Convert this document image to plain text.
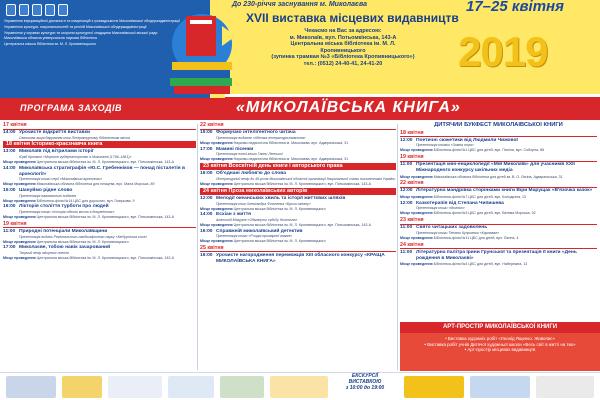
Управління інформаційної діяльності та комунікацій з громадськістю Миколаївської облдержадміністрації
Управління культури, національностей та релігій Миколаївської облдержадміністрації
Управління у справах культури та охорони культурної спадщини Миколаївської міської ради
Миколаївська обласна універсальна наукова бібліотека
Центральна міська бібліотека ім. М. Л. Кропивницького
До 230-річчя заснування м. Миколаєва	17–25 квітня
XVII виставка місцевих видавництв
Чекаємо на Вас за адресою:
м. Миколаїв, вул. Потьомкінська, 143-А
Центральна міська бібліотека ім. М. Л. Кропивницького
(зупинка трамвая №3 «Бібліотека Кропивницького»)
тел.: (0512) 24-40-41, 24-41-20	2019
ПРОГРАМА ЗАХОДІВ	«МИКОЛАЇВСЬКА КНИГА»
17 квітня
14:00 Урочисте відкриття виставки
Святкова акція дарування книг Літературному бібліотекам міста
18 квітня Історико-краєзнавча книга
13:00 Миколаїв під вітрилами історії
Юрій Крючков «Морське губернаторство в Миколаєві (1796–1861)»
Місце проведення Центральна міська бібліотека ім. М. Л. Кропивницького, вул. Потьомкінська, 143-А
14:00 Миколаївська стратиграфія «Ю.С. Гребенніков — понад пісталетія в археології»
Презентація книги серії «Миколаївські археологи»
Місце проведення Миколаївська обласна бібліотека для юнацтва, вул. Мала Морська, 89
15:00 Шануймо рідне слово
Презентація навчального видання
Місце проведення Бібліотека-філія №14 ЦБС для дорослих, вул. Гмирьова, 9
16:00 Лікторія століття турботи про людей
Презентація книги «Історія одного міста в документах»
Місце проведення Центральна міська бібліотека ім. М. Л. Кропивницького, вул. Потьомкінська, 143-А
19 квітня
11:00 Природні потенціали Миколаївщини
Презентація видань Регіонального ландшафтного парку «Кінбурнська коса»
Місце проведення Центральна міська бібліотека ім. М. Л. Кропивницького
17:00 Миколаєве, тобою навік зачарований
Творчий вечір місцевих поетів
Місце проведення Центральна міська бібліотека ім. М. Л. Кропивницького, вул. Потьомкінська, 143-А
22 квітня
15:00 Формуємо інтелігентного читача
Презентація видання «Абетка літературознавства»
Місце проведення Науково-педагогічна бібліотека м. Миколаєва, вул. Адміральська, 31
17:00 Мамині пісенки
Презентація нової книги Ганни Ленської
Місце проведення Науково-педагогічна бібліотека м. Миколаєва, вул. Адміральська, 31
23 квітня Всесвітній день книги і авторського права
16:00 Об'єднані любов'ю до слова
Літературний вечір до 45-річчя Миколаївської обласної організації Національної спілки письменників України
Місце проведення Центральна міська бібліотека ім. М. Л. Кропивницького, вул. Потьомкінська, 143-А
24 квітня Проза миколаївських авторів
12:00 Мелодії океанських хвиль та історії життєвих шляхів
Презентація книг Олександра Філоненка «Бризи океану»
Місце проведення Центральна міська бібліотека ім. М. Л. Кропивницького
14:00 Есхіан з життя
Анатолій Мазуров «Обманути судьбу Ньютона»
Місце проведення Центральна міська бібліотека ім. М. Л. Кропивницького, вул. Потьомкінська, 143-А
16:00 Справжній миколаївський детектив
Презентація книги «Рицарі примарної гавані»
Місце проведення Центральна міська бібліотека ім. М. Л. Кропивницького
25 квітня
16:00 Урочисте нагородження переможців XIII обласного конкурсу «КРАЩА МИКОЛАЇВСЬКА КНИГА»
ДИТЯЧИЙ БУКФЕСТ МИКОЛАЇВСЬКОЇ КНИГИ
18 квітня
12:00 Поетичні сюжетики від Людмили Чижової
Презентація книжки «Зимна пора»
Місце проведення Бібліотека-філія №1 ЦБС для дітей, вул. Паліла, вул. Соборна, 86
19 квітня
11:00 Презентація міні-енциклопедії «Мій Миколаїв» для учасників XXII Міжнародного конкурсу шкільних медіа
Місце проведення Миколаївська обласна бібліотека для дітей ім. В. О. Лягіна, Адміральська, 31
22 квітня
12:00 Літературна мандрівка сторінками книги Віри Марущак «В'язочка казок»
Місце проведення Бібліотека-філія №7 ЦБС для дітей, вул. Колодязна, 13
12:00 Казкотерапія від Степана Чипишева
Презентація книги «Молоко»
Місце проведення Бібліотека-філія №3 ЦБС для дітей, вул. Велика Морська, 92
23 квітня
11:00 Свято читацьких задоволень
Презентація книги Тетяни Куприєнко «Карнавал»
Місце проведення Бібліотека-філія №11 ЦБС для дітей, вул. Лягіна, 4
24 квітня
11:00 Літературна палітра Ірини Грунської та презентація її книги «День рождення в Миколаєві»
Місце проведення Бібліотека-філія №4 ЦБС для дітей, вул. Набережна, 13
АРТ-ПРОСТІР МИКОЛАЇВСЬКОЇ КНИГИ
• Виставка художніх робіт «Леонід Ященко. Живопис»
• Виставка робіт учнів Дитячої художньої школи «Весь світ в житті на тих»
• Арт-простір місцевих видавництв
ЕКСКУРСІЇ
ВИСТАВКОЮ
з 10:00 до 19:00
